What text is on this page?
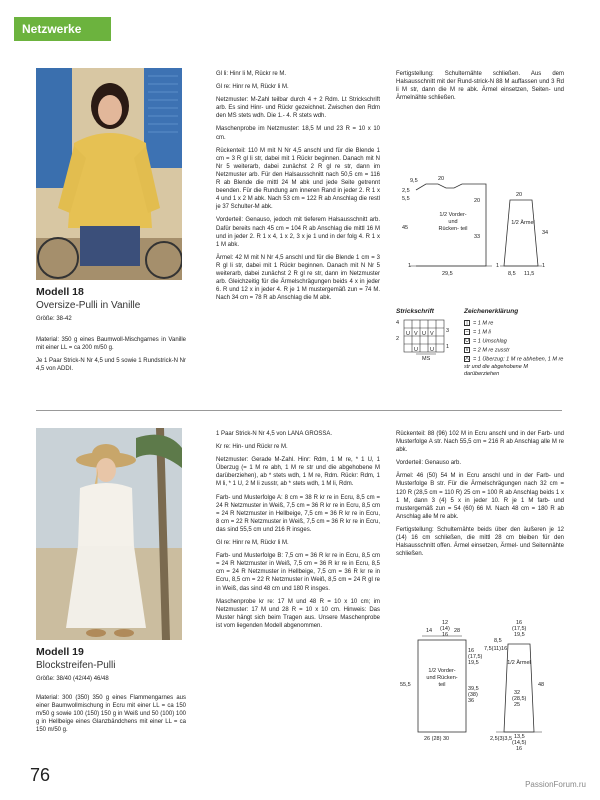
Netzwerke
Modell 18
Oversize-Pulli in Vanille
Größe: 38-42

Material: 350 g eines Baumwoll-Mischgarnes in Vanille mit einer LL = ca 200 m/50 g.

Je 1 Paar Strick-N Nr 4,5 und 5 sowie 1 Rundstrick-N Nr 4,5 von ADDI.

Gl li: Hinr li M, Rückr re M.

Gl re: Hinr re M, Rückr li M.

Netzmuster: M-Zahl teilbar durch 4 + 2 Rdm. Lt Strickschrift arb. Es sind Hinr- und Rückr gezeichnet. Zwischen den Rdm den MS stets wdh. Die 1.- 4. R stets wdh.

Maschenprobe im Netzmuster: 18,5 M und 23 R = 10 x 10 cm.

Rückenteil: 110 M mit N Nr 4,5 anschl und für die Blende 1 cm = 3 R gl li str, dabei mit 1 Rückr beginnen. Danach mit N Nr 5 weiterarb, dabei zunächst 2 R gl re str, dann im Netzmuster arb. Für den Halsausschnitt nach 50,5 cm = 116 R ab Blende die mittl 24 M abk und jede Seite getrennt beenden. Für die Rundung am inneren Rand in jeder 2. R 1 x 4 und 1 x 2 M abk. Nach 53 cm = 122 R ab Anschlag die restl je 37 Schulter-M abk.

Vorderteil: Genauso, jedoch mit tieferem Halsausschnitt arb. Dafür bereits nach 45 cm = 104 R ab Anschlag die mittl 16 M und in jeder 2. R 1 x 4, 1 x 2, 3 x je 1 und in der folg 4. R 1 x 1 M abk.

Ärmel: 42 M mit N Nr 4,5 anschl und für die Blende 1 cm = 3 R gl li str, dabei mit 1 Rückr beginnen. Danach mit N Nr 5 weiterarb, dabei zunächst 2 R gl re str, dann im Netzmuster arb. Gleichzeitig für die Ärmelschrägungen beids 4 x in jeder 6. R und 12 x in jeder 4. R je 1 M mustergemäß zun = 74 M. Nach 34 cm = 78 R ab Anschlag die M abk.

Fertigstellung: Schulternähte schließen. Aus dem Halsausschnitt mit der Rund-strick-N 88 M auffassen und 3 Rd li M str, dann die M re abk. Ärmel einsetzen, Seiten- und Ärmelnähte schließen.

9,5	20
2,5
5,5
45
20
33
1
29,5
20
34
1
8,5 11,5
1
1/2 Vorder- und Rücken- teil
1/2 Ärmel
Strickschrift
U V U V
U U
4
2
3
1
MS
Zeichenerklärung
| = 1 M re
– = 1 M li
U = 1 Umschlag
V = 2 M re zusstr
Λ = 1 Überzug: 1 M re abheben, 1 M re str und die abgehobene M darüberziehen
Modell 19
Blockstreifen-Pulli
Größe: 38/40 (42/44) 46/48

Material: 300 (350) 350 g eines Flammengarnes aus einer Baumwollmischung in Ecru mit einer LL = ca 150 m/50 g sowie 100 (150) 150 g in Weiß und 50 (100) 100 g in Hellbeige eines Glanzbändchens mit einer LL = ca 150 m/50 g.

1 Paar Strick-N Nr 4,5 von LANA GROSSA.

Kr re: Hin- und Rückr re M.

Netzmuster: Gerade M-Zahl. Hinr: Rdm, 1 M re, * 1 U, 1 Überzug (= 1 M re abh, 1 M re str und die abgehobene M darüberziehen), ab * stets wdh, 1 M re, Rdm. Rückr: Rdm, 1 M li, * 1 U, 2 M li zusstr, ab * stets wdh, 1 M li, Rdm.

Farb- und Musterfolge A: 8 cm = 38 R kr re in Ecru, 8,5 cm = 24 R Netzmuster in Weiß, 7,5 cm = 36 R kr re in Ecru, 8,5 cm = 24 R Netzmuster in Hellbeige, 7,5 cm = 36 R kr re in Ecru, 8 cm = 22 R Netzmuster in Weiß, 7,5 cm = 36 R kr re in Ecru, das sind 55,5 cm und 216 R insges.

Gl re: Hinr re M, Rückr li M.

Farb- und Musterfolge B: 7,5 cm = 36 R kr re in Ecru, 8,5 cm = 24 R Netzmuster in Weiß, 7,5 cm = 36 R kr re in Ecru, 8,5 cm = 24 R Netzmuster in Hellbeige, 7,5 cm = 36 R kr re in Ecru, 8,5 cm = 22 R Netzmuster in Weiß, 8,5 cm = 24 R gl re in Weiß, das sind 48 cm und 180 R insges.

Maschenprobe kr re: 17 M und 48 R = 10 x 10 cm; im Netzmuster: 17 M und 28 R = 10 x 10 cm. Hinweis: Das Muster hängt sich beim Tragen aus. Unsere Maschenprobe ist vom liegenden Modell abgenommen.

Rückenteil: 88 (96) 102 M in Ecru anschl und in der Farb- und Musterfolge A str. Nach 55,5 cm = 216 R ab Anschlag alle M re abk.

Vorderteil: Genauso arb.

Ärmel: 46 (50) 54 M in Ecru anschl und in der Farb- und Musterfolge B str. Für die Ärmelschrägungen nach 32 cm = 120 R (28,5 cm = 110 R) 25 cm = 100 R ab Anschlag beids 1 x 1 M, dann 3 (4) 5 x in jeder 10. R je 1 M farb- und mustergemäß zun = 54 (60) 66 M. Nach 48 cm = 180 R ab Anschlag alle M re abk.

Fertigstellung: Schulternähte beids über den äußeren je 12 (14) 16 cm schließen, die mittl 28 cm bleiben für den Halsausschnitt offen. Ärmel einsetzen, Ärmel- und Seitennähte schließen.

12
(14)
16
14	28
16
(17,5)
19,5
55,5
39,5
(38)
36
26 (28) 30
1/2 Vorder- und Rücken- teil
16
(17,5)
19,5
8,5
7,5(11)16
32
(28,5)
25
48
13,5
(14,5)
2,5(3)3,5
16
1/2 Ärmel
76	PassionForum.ru
